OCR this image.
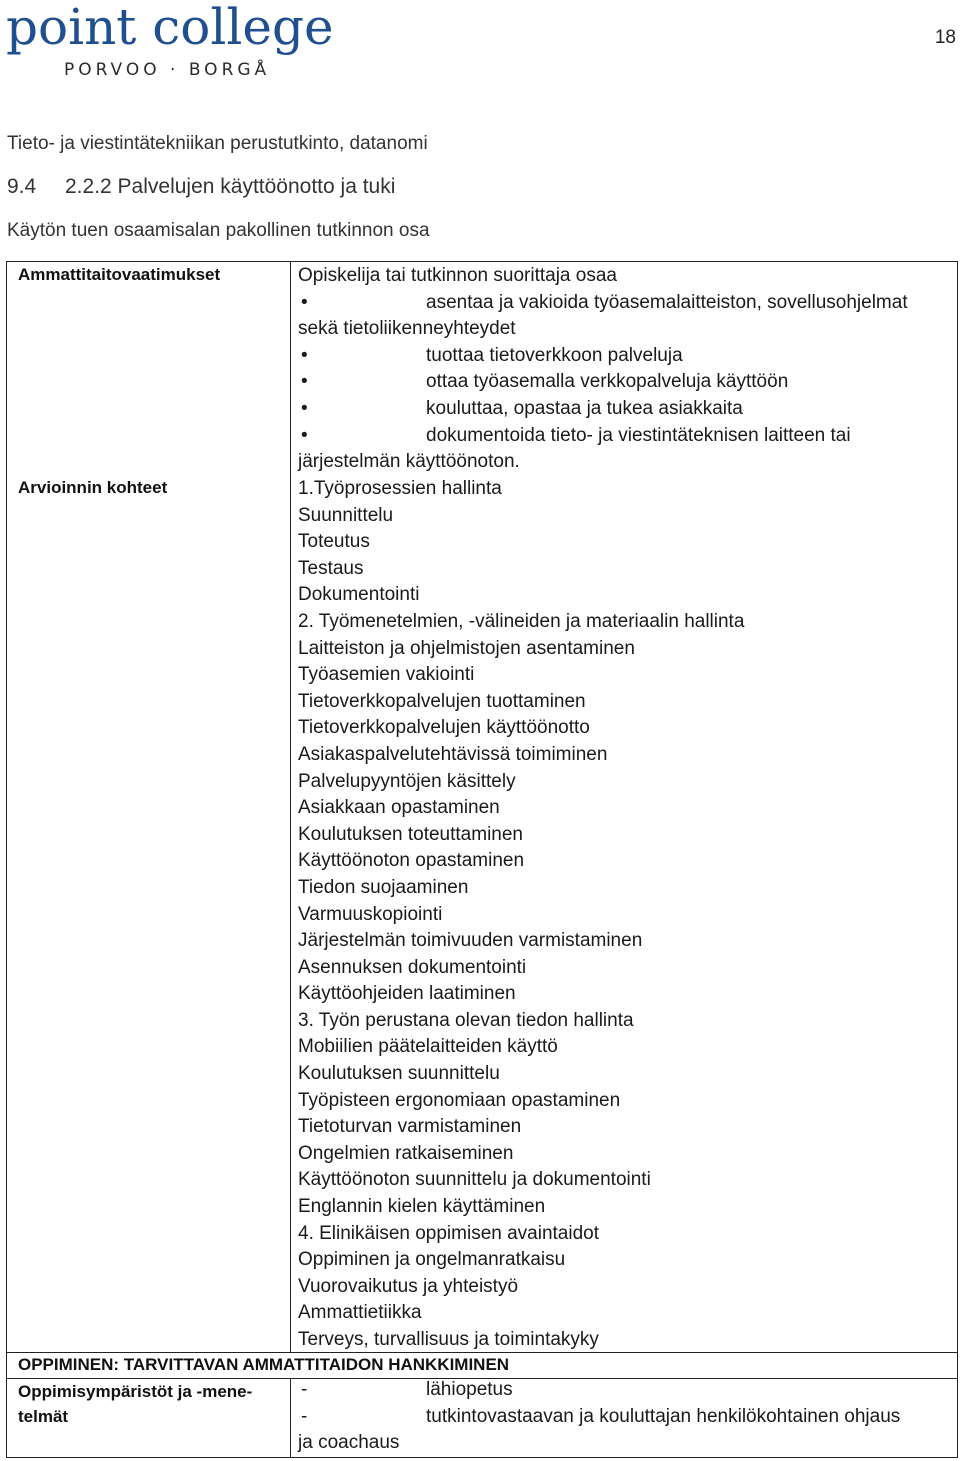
point college
PORVOO · BORGÅ
18
Tieto- ja viestintätekniikan perustutkinto, datanomi
9.4 2.2.2 Palvelujen käyttöönotto ja tuki
Käytön tuen osaamisalan pakollinen tutkinnon osa
Ammattitaitovaatimukset	Opiskelija tai tutkinnon suorittaja osaa
•	asentaa ja vakioida työasemalaitteiston, sovellusohjelmat
sekä tietoliikenneyhteydet
•	tuottaa tietoverkkoon palveluja
•	ottaa työasemalla verkkopalveluja käyttöön
•	kouluttaa, opastaa ja tukea asiakkaita
•	dokumentoida tieto- ja viestintäteknisen laitteen tai
järjestelmän käyttöönoton.
Arvioinnin kohteet	1.Työprosessien hallinta
Suunnittelu
Toteutus
Testaus
Dokumentointi
2. Työmenetelmien, -välineiden ja materiaalin hallinta
Laitteiston ja ohjelmistojen asentaminen
Työasemien vakiointi
Tietoverkkopalvelujen tuottaminen
Tietoverkkopalvelujen käyttöönotto
Asiakaspalvelutehtävissä toimiminen
Palvelupyyntöjen käsittely
Asiakkaan opastaminen
Koulutuksen toteuttaminen
Käyttöönoton opastaminen
Tiedon suojaaminen
Varmuuskopiointi
Järjestelmän toimivuuden varmistaminen
Asennuksen dokumentointi
Käyttöohjeiden laatiminen
3. Työn perustana olevan tiedon hallinta
Mobiilien päätelaitteiden käyttö
Koulutuksen suunnittelu
Työpisteen ergonomiaan opastaminen
Tietoturvan varmistaminen
Ongelmien ratkaiseminen
Käyttöönoton suunnittelu ja dokumentointi
Englannin kielen käyttäminen
4. Elinikäisen oppimisen avaintaidot
Oppiminen ja ongelmanratkaisu
Vuorovaikutus ja yhteistyö
Ammattietiikka
Terveys, turvallisuus ja toimintakyky
OPPIMINEN: TARVITTAVAN AMMATTITAIDON HANKKIMINEN
Oppimisympäristöt ja -mene-
telmät
-	lähiopetus
-	tutkintovastaavan ja kouluttajan henkilökohtainen ohjaus
ja coachaus
